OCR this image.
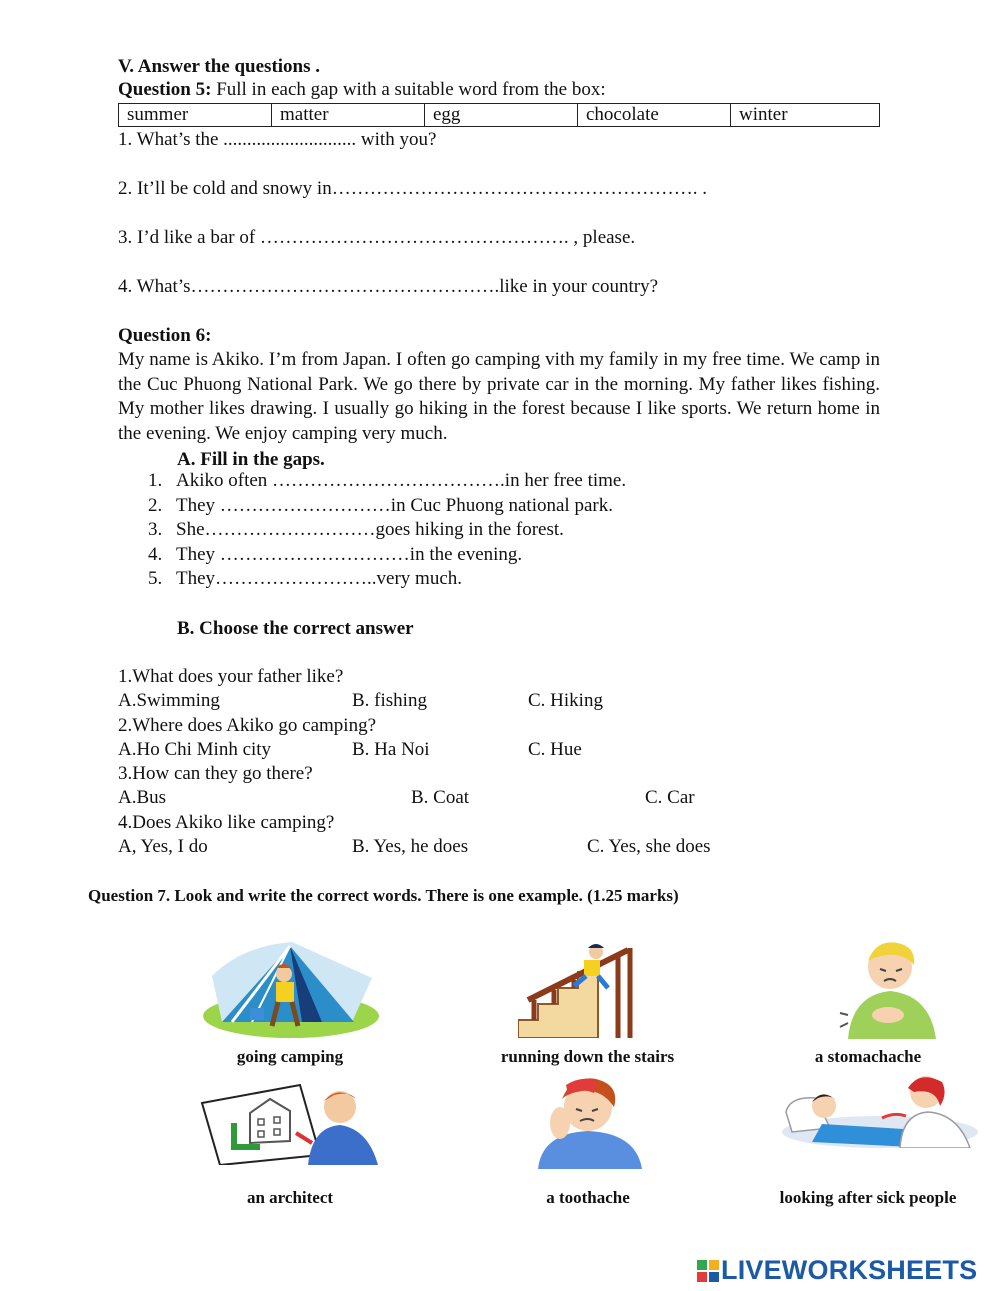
V. Answer the questions .
Question 5: Full in each gap with a suitable word from the box:
summer	matter	egg	chocolate	winter
1. What’s the ............................ with you?
2. It’ll be cold and snowy in…………………………………………………. .
3. I’d like a bar of …………………………………………. , please.
4. What’s………………………………………….like in your country?
Question 6:
My name is Akiko. I’m from Japan. I often go camping vith my family in my free time. We camp in the Cuc Phuong National Park. We go there by private car in the morning. My father likes fishing. My mother likes drawing. I usually go hiking in the forest because I like sports. We return home in the evening. We enjoy camping very much.
A. Fill in the gaps.
1. Akiko often ……………………………….in her free time.
2. They ………………………in Cuc Phuong national park.
3. She………………………goes hiking in the forest.
4. They …………………………in the evening.
5. They……………………..very much.
B. Choose the correct answer
1.What does your father like?
A.Swimming	B. fishing	C. Hiking
2.Where does Akiko go camping?
A.Ho Chi Minh city	B. Ha Noi	C. Hue
3.How can they go there?
A.Bus	B. Coat	C. Car
4.Does Akiko like camping?
A, Yes, I do	B. Yes, he does	C. Yes, she does
Question 7. Look and write the correct words. There is one example. (1.25 marks)
going camping	running down the stairs	a stomachache
an architect	a toothache	looking after sick people
LIVEWORKSHEETS
